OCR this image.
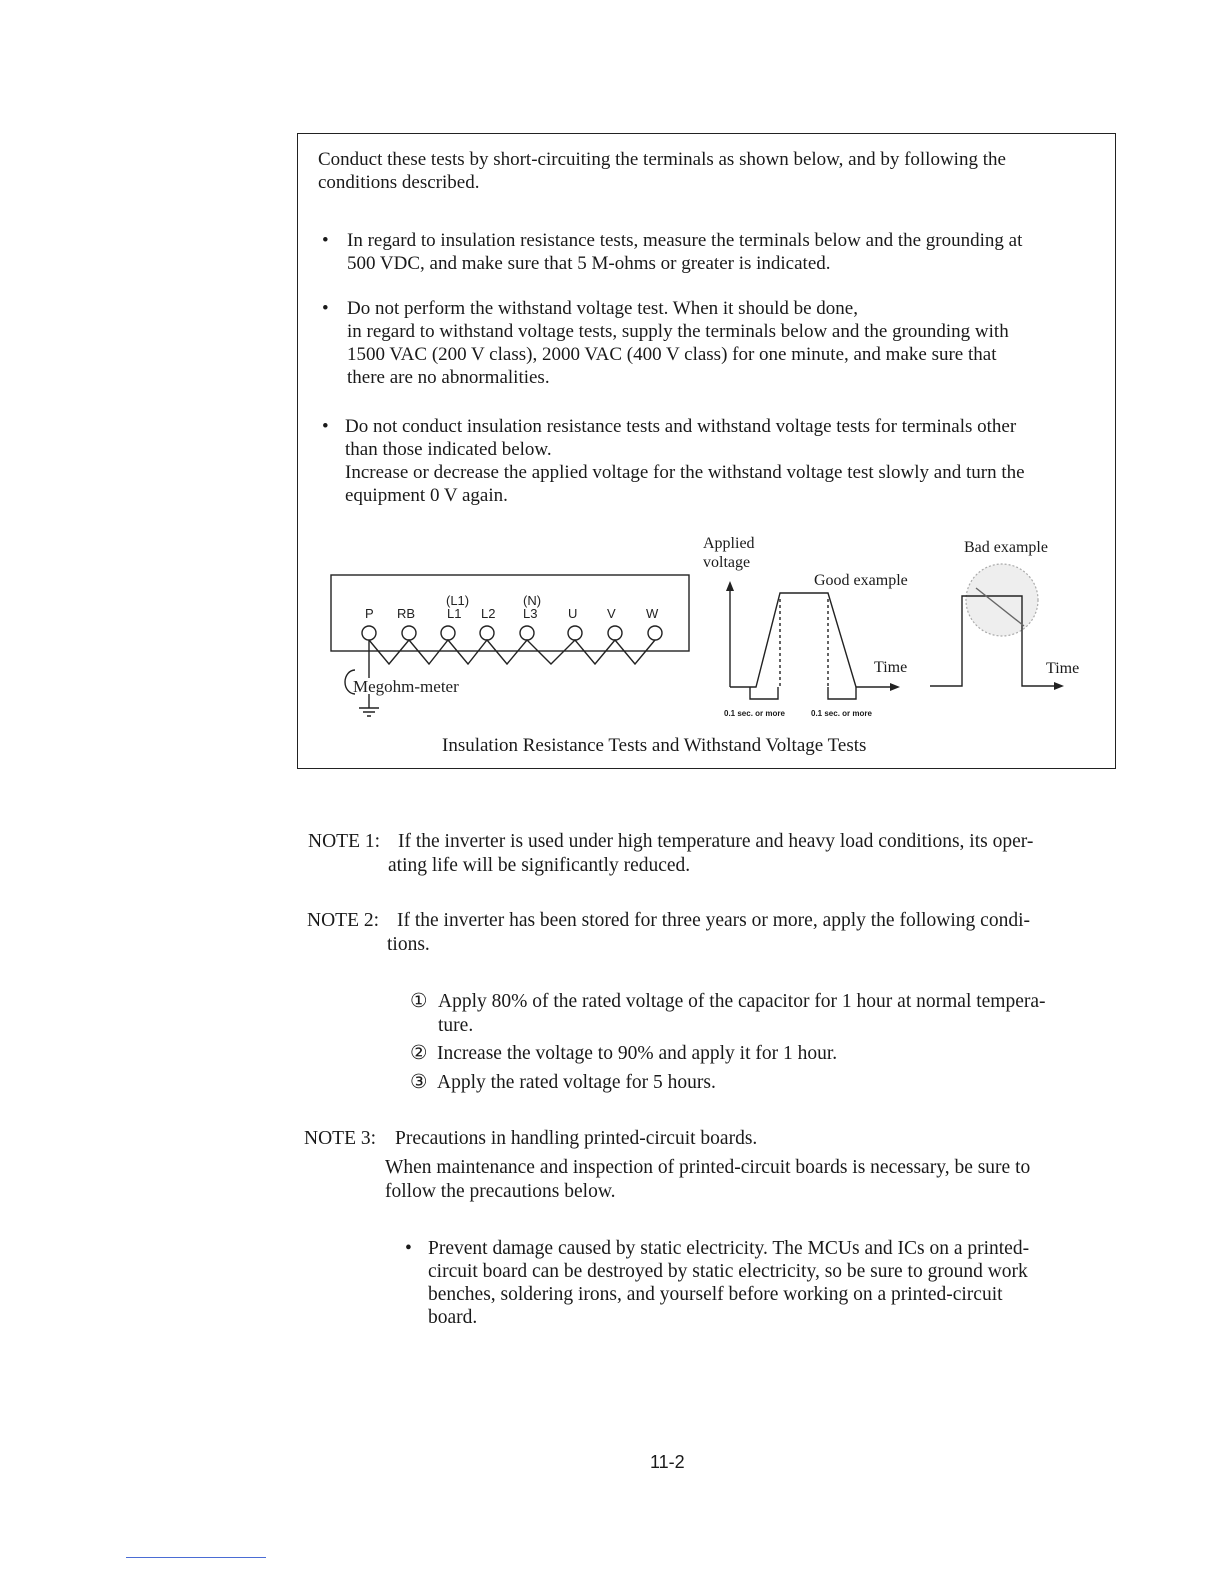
Conduct these tests by short-circuiting the terminals as shown below, and by following the
conditions described.
• In regard to insulation resistance tests, measure the terminals below and the grounding at
500 VDC, and make sure that 5 M-ohms or greater is indicated.
• Do not perform the withstand voltage test. When it should be done,
in regard to withstand voltage tests, supply the terminals below and the grounding with
1500 VAC (200 V class), 2000 VAC (400 V class) for one minute, and make sure that
there are no abnormalities.
• Do not conduct insulation resistance tests and withstand voltage tests for terminals other
than those indicated below.
Increase or decrease the applied voltage for the withstand voltage test slowly and turn the
equipment 0 V again.
(L1)	(N)
P RB L1 L2 L3 U V W
Megohm-meter
Applied
voltage
Good example
Time
0.1 sec. or more	0.1 sec. or more
Bad example
Time
Insulation Resistance Tests and Withstand Voltage Tests
NOTE 1: If the inverter is used under high temperature and heavy load conditions, its oper-
ating life will be significantly reduced.
NOTE 2: If the inverter has been stored for three years or more, apply the following condi-
tions.
① Apply 80% of the rated voltage of the capacitor for 1 hour at normal tempera-
ture.
② Increase the voltage to 90% and apply it for 1 hour.
③ Apply the rated voltage for 5 hours.
NOTE 3: Precautions in handling printed-circuit boards.
When maintenance and inspection of printed-circuit boards is necessary, be sure to
follow the precautions below.
• Prevent damage caused by static electricity. The MCUs and ICs on a printed-
circuit board can be destroyed by static electricity, so be sure to ground work
benches, soldering irons, and yourself before working on a printed-circuit
board.
11-2
